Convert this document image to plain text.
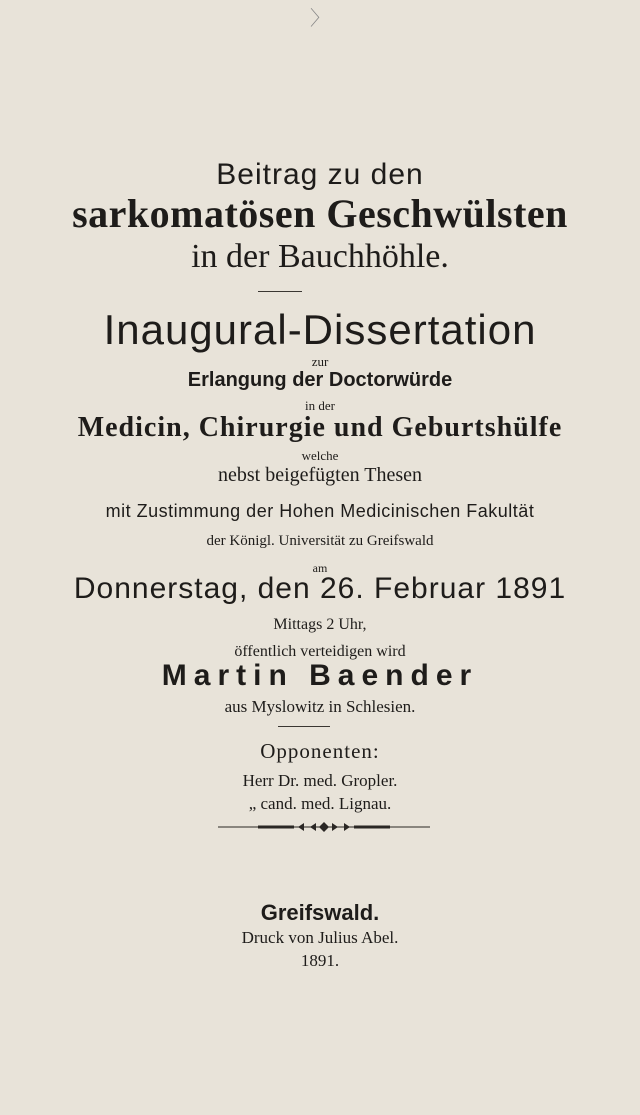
〉
Beitrag zu den
sarkomatösen Geschwülsten
in der Bauchhöhle.
Inaugural-Dissertation
zur
Erlangung der Doctorwürde
in der
Medicin, Chirurgie und Geburtshülfe
welche
nebst beigefügten Thesen
mit Zustimmung der Hohen Medicinischen Fakultät
der Königl. Universität zu Greifswald
am
Donnerstag, den 26. Februar 1891
Mittags 2 Uhr,
öffentlich verteidigen wird
Martin Baender
aus Myslowitz in Schlesien.
Opponenten:
Herr Dr. med. Gropler.
„ cand. med. Lignau.
Greifswald.
Druck von Julius Abel.
1891.
